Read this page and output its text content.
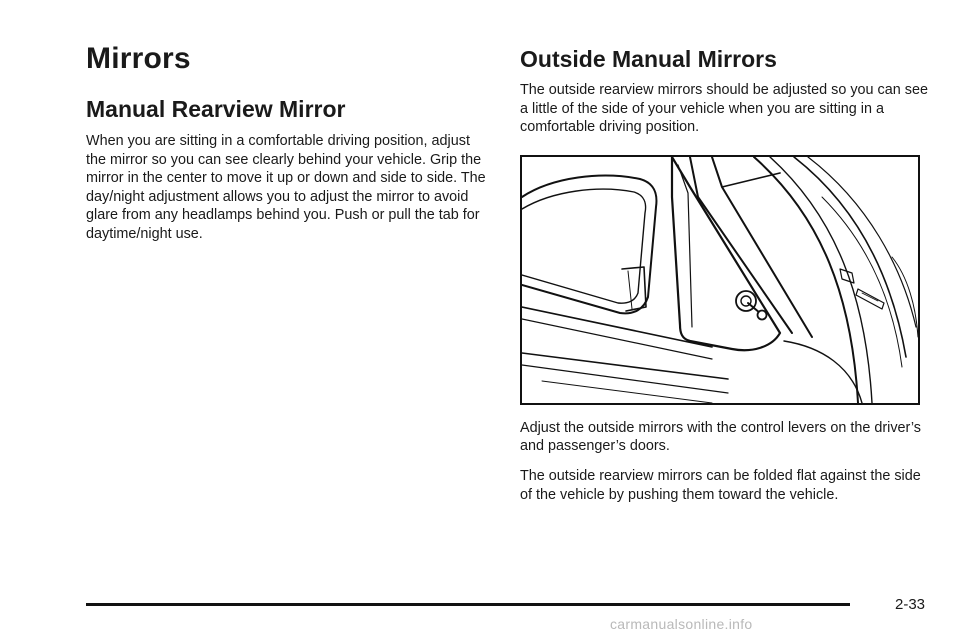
Mirrors
Manual Rearview Mirror

When you are sitting in a comfortable driving position, adjust the mirror so you can see clearly behind your vehicle. Grip the mirror in the center to move it up or down and side to side. The day/night adjustment allows you to adjust the mirror to avoid glare from any headlamps behind you. Push or pull the tab for daytime/night use.

Outside Manual Mirrors

The outside rearview mirrors should be adjusted so you can see a little of the side of your vehicle when you are sitting in a comfortable driving position.

Adjust the outside mirrors with the control levers on the driver’s and passenger’s doors.

The outside rearview mirrors can be folded flat against the side of the vehicle by pushing them toward the vehicle.

2-33
carmanualsonline.info
